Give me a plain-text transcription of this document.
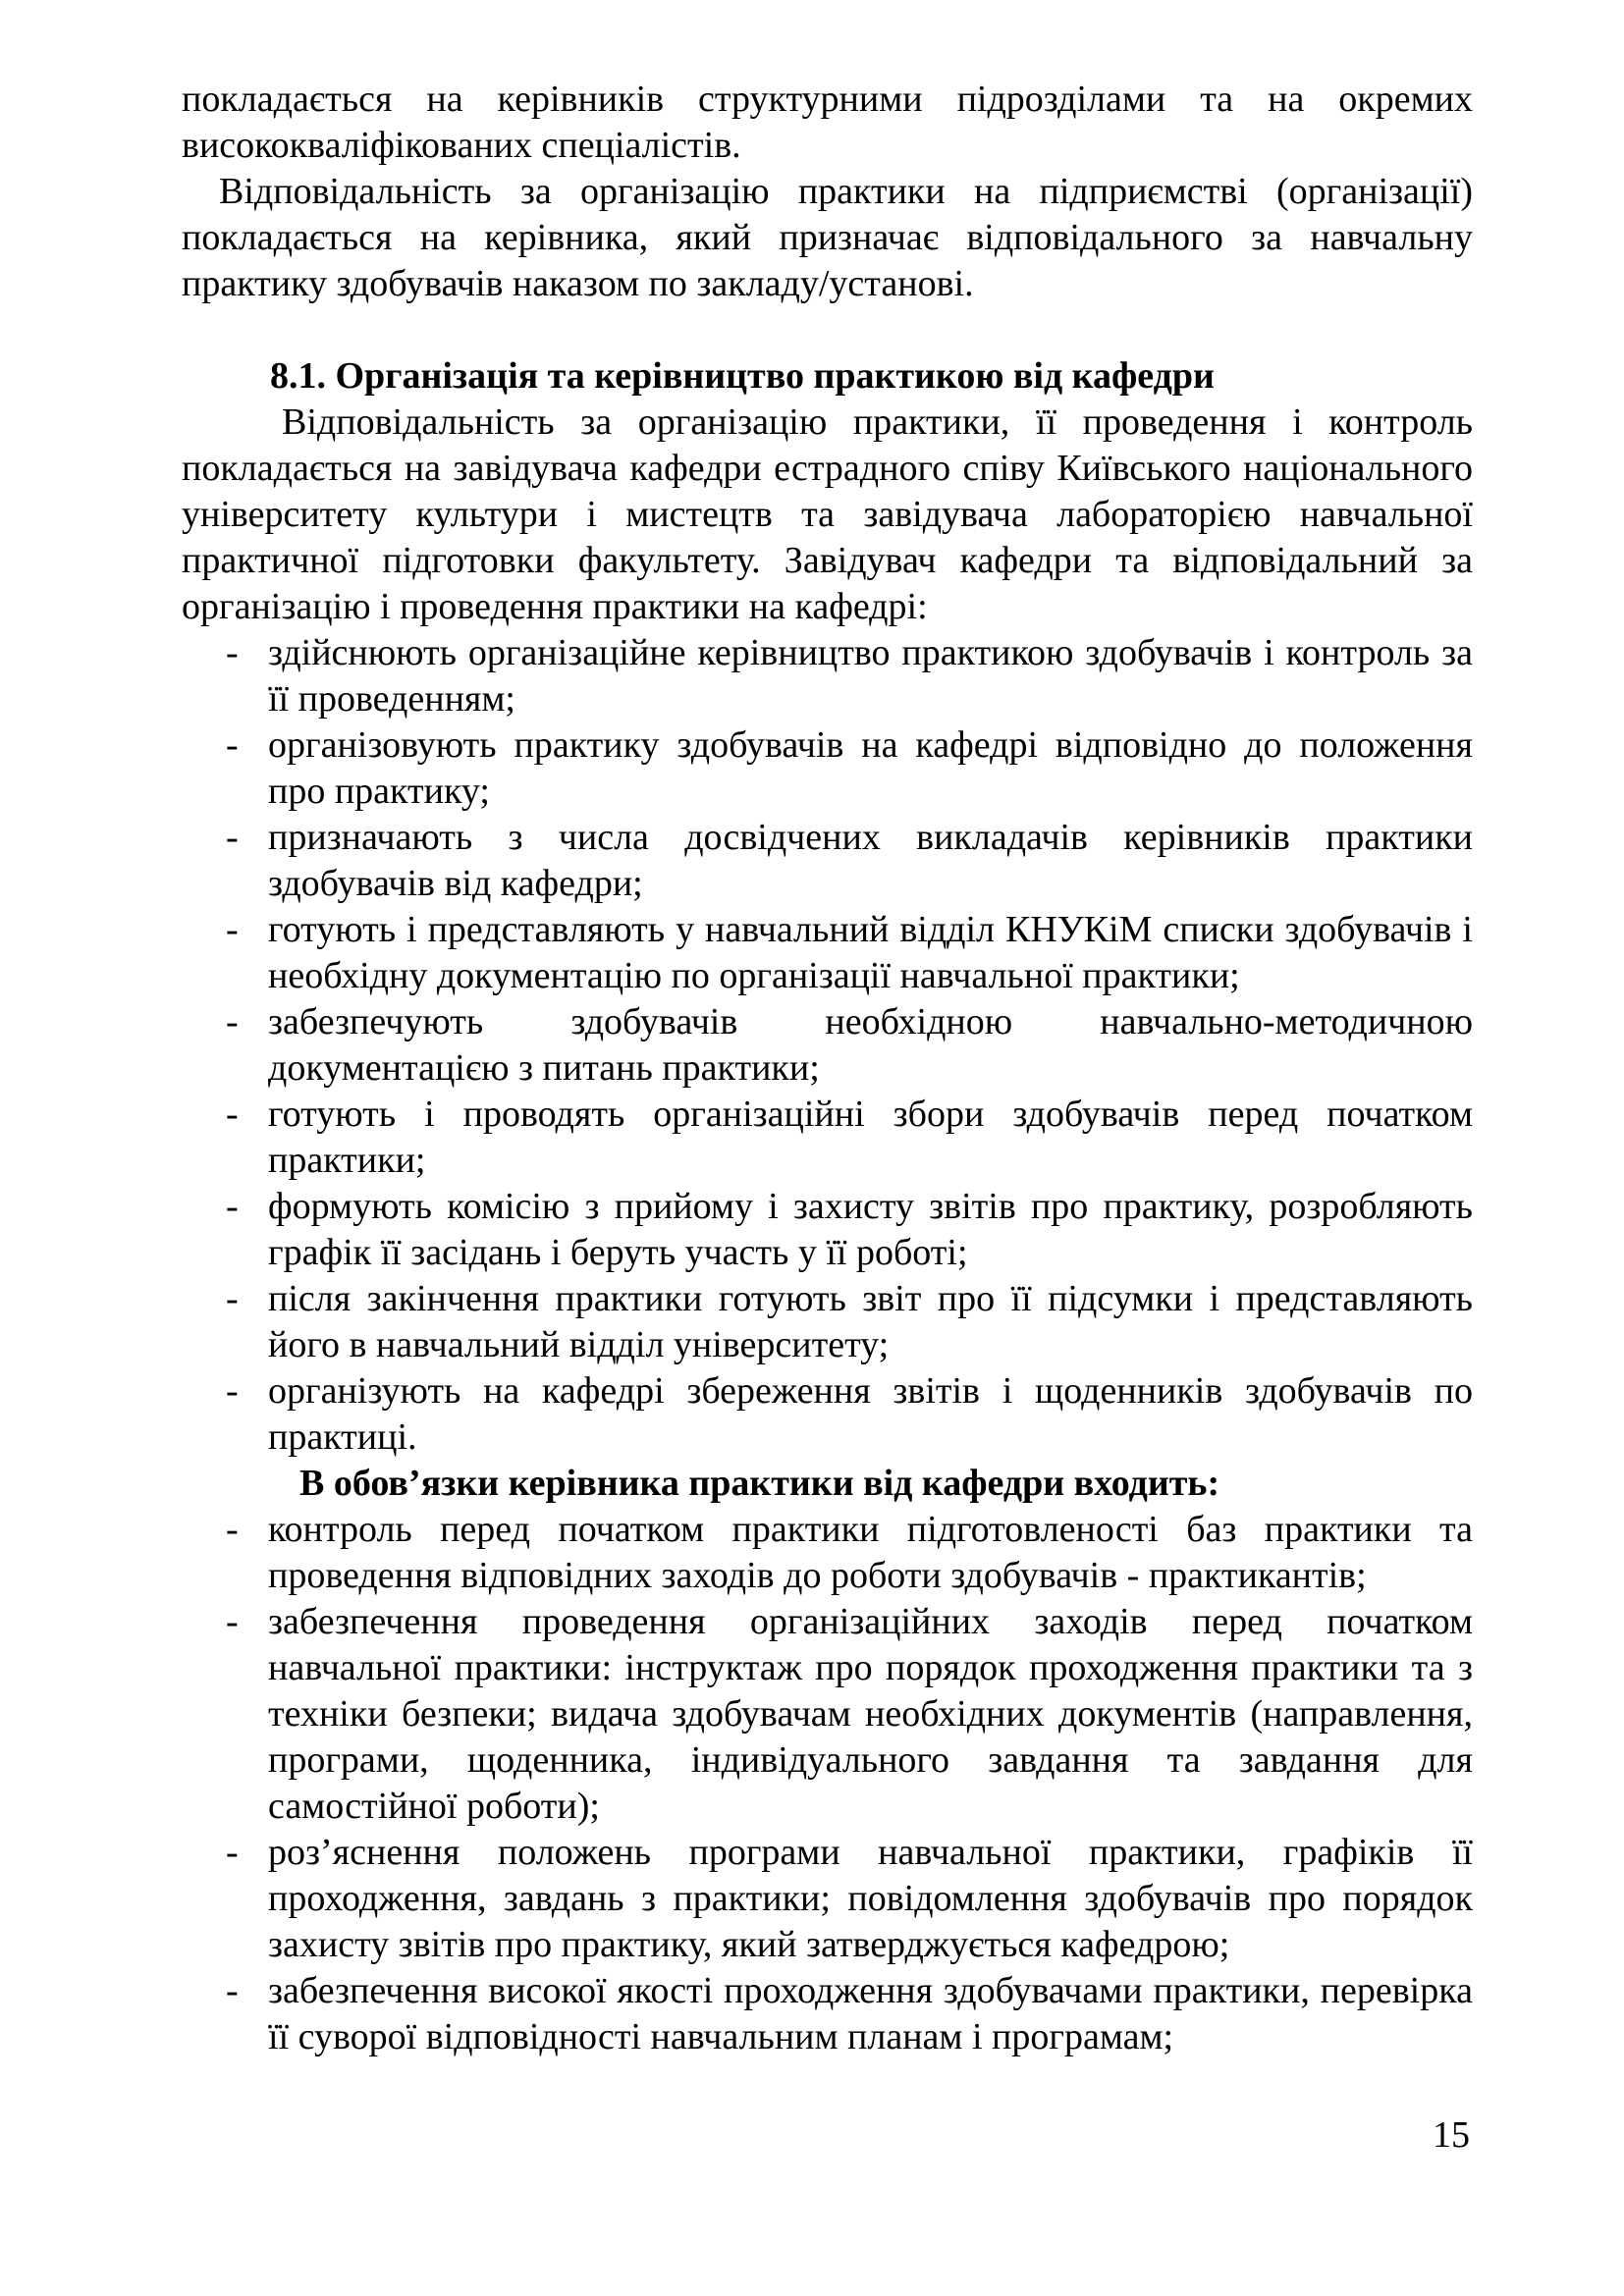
покладається на керівників структурними підрозділами та на окремих висококваліфікованих спеціалістів.
Відповідальність за організацію практики на підприємстві (організації) покладається на керівника, який призначає відповідального за навчальну практику здобувачів наказом по закладу/установі.
8.1. Організація та керівництво практикою від кафедри
Відповідальність за організацію практики, її проведення і контроль покладається на завідувача кафедри естрадного співу Київського національного університету культури і мистецтв та завідувача лабораторією навчальної практичної підготовки факультету. Завідувач кафедри та відповідальний за організацію і проведення практики на кафедрі:
- здійснюють організаційне керівництво практикою здобувачів і контроль за її проведенням;
- організовують практику здобувачів на кафедрі відповідно до положення про практику;
- призначають з числа досвідчених викладачів керівників практики здобувачів від кафедри;
- готують і представляють у навчальний відділ КНУКіМ списки здобувачів і необхідну документацію по організації навчальної практики;
- забезпечують здобувачів необхідною навчально-методичною документацією з питань практики;
- готують і проводять організаційні збори здобувачів перед початком практики;
- формують комісію з прийому і захисту звітів про практику, розробляють графік її засідань і беруть участь у її роботі;
- після закінчення практики готують звіт про її підсумки і представляють його в навчальний відділ університету;
- організують на кафедрі збереження звітів і щоденників здобувачів по практиці.
В обов’язки керівника практики від кафедри входить:
- контроль перед початком практики підготовленості баз практики та проведення відповідних заходів до роботи здобувачів - практикантів;
- забезпечення проведення організаційних заходів перед початком навчальної практики: інструктаж про порядок проходження практики та з техніки безпеки; видача здобувачам необхідних документів (направлення, програми, щоденника, індивідуального завдання та завдання для самостійної роботи);
- роз’яснення положень програми навчальної практики, графіків її проходження, завдань з практики; повідомлення здобувачів про порядок захисту звітів про практику, який затверджується кафедрою;
- забезпечення високої якості проходження здобувачами практики, перевірка її суворої відповідності навчальним планам і програмам;
15
